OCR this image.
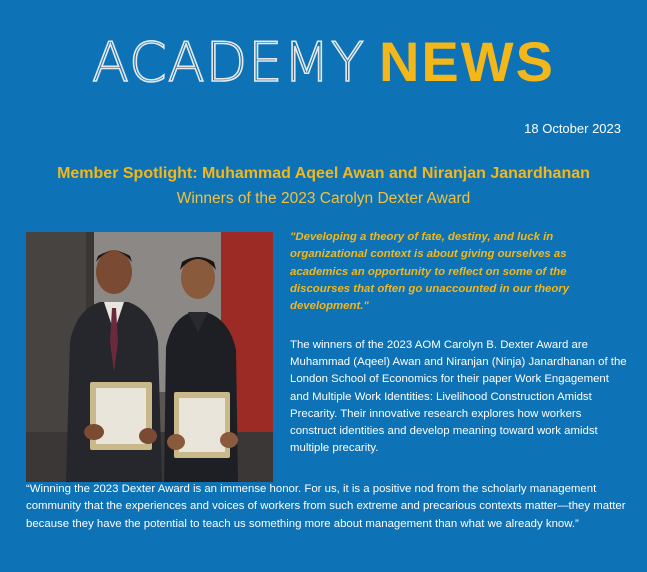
ACADEMY NEWS
18 October 2023
Member Spotlight: Muhammad Aqeel Awan and Niranjan Janardhanan
Winners of the 2023 Carolyn Dexter Award
"Developing a theory of fate, destiny, and luck in organizational context is about giving ourselves as academics an opportunity to reflect on some of the discourses that often go unaccounted in our theory development."
The winners of the 2023 AOM Carolyn B. Dexter Award are Muhammad (Aqeel) Awan and Niranjan (Ninja) Janardhanan of the London School of Economics for their paper Work Engagement and Multiple Work Identities: Livelihood Construction Amidst Precarity. Their innovative research explores how workers construct identities and develop meaning toward work amidst multiple precarity.
“Winning the 2023 Dexter Award is an immense honor. For us, it is a positive nod from the scholarly management community that the experiences and voices of workers from such extreme and precarious contexts matter—they matter because they have the potential to teach us something more about management than what we already know.”
